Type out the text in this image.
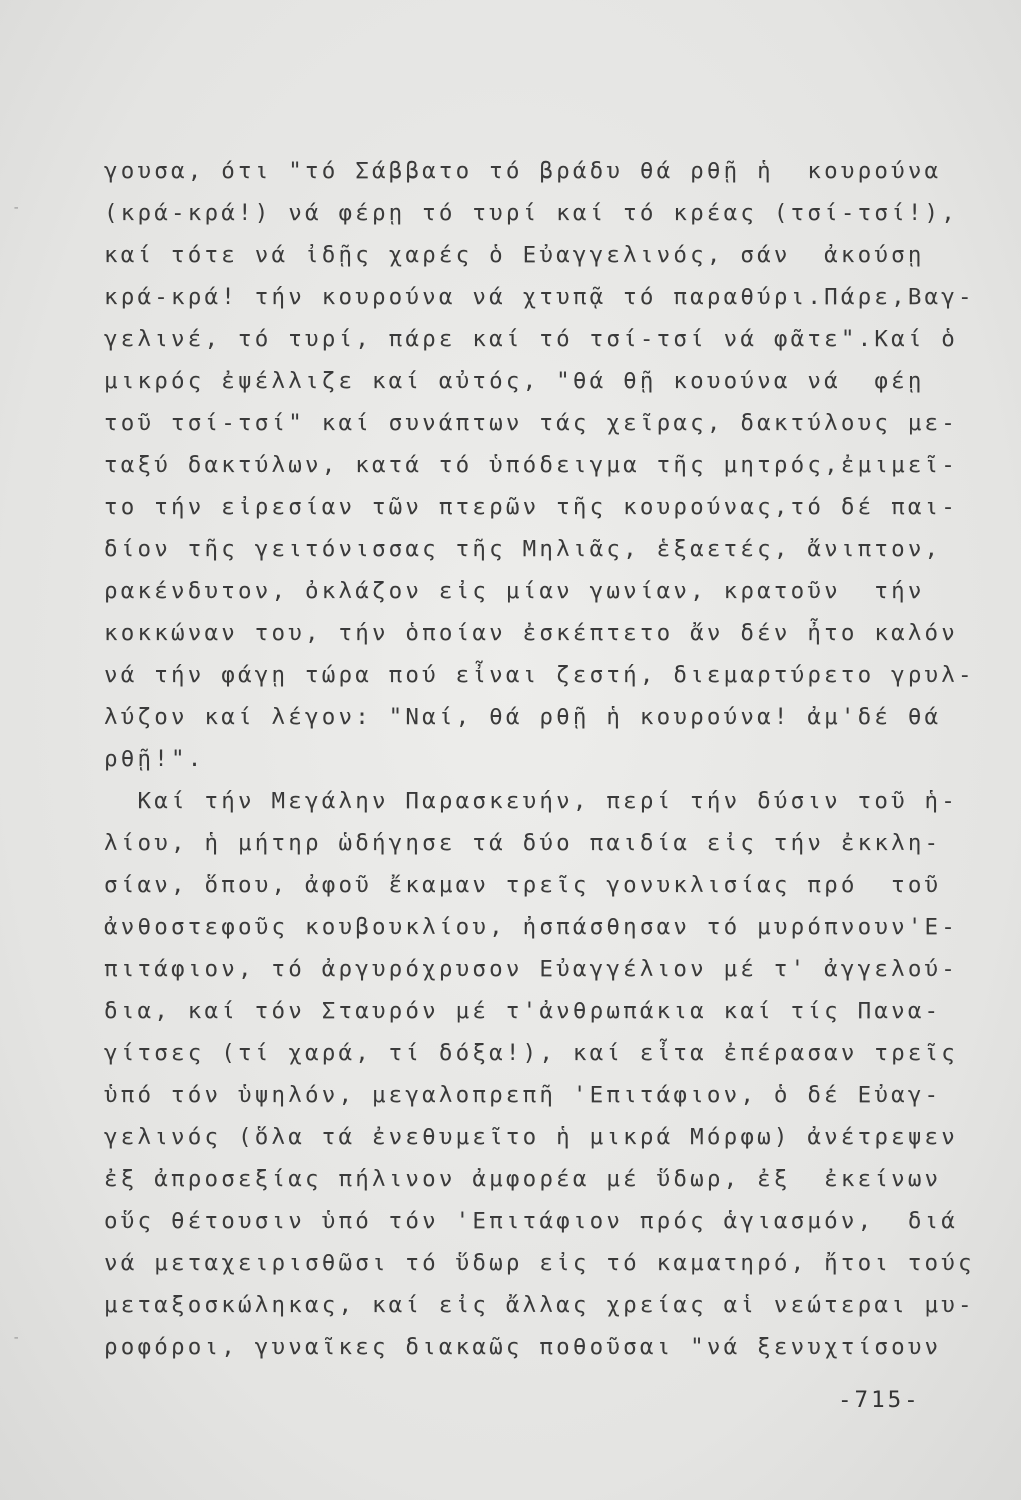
-
-
γουσα, ότι "τό Σάββατο τό βράδυ θά ρθῇ ἡ  κουρούνα
(κρά-κρά!) νά φέρῃ τό τυρί καί τό κρέας (τσί-τσί!),
καί τότε νά ἰδῇς χαρές ὁ Εὐαγγελινός, σάν  ἀκούσῃ
κρά-κρά! τήν κουρούνα νά χτυπᾷ τό παραθύρι.Πάρε,Βαγ-
γελινέ, τό τυρί, πάρε καί τό τσί-τσί νά φᾶτε".Καί ὁ
μικρός ἐψέλλιζε καί αὐτός, "θά θῇ κουούνα νά  φέῃ
τοῦ τσί-τσί" καί συνάπτων τάς χεῖρας, δακτύλους με-
ταξύ δακτύλων, κατά τό ὑπόδειγμα τῆς μητρός,ἐμιμεῖ-
το τήν εἰρεσίαν τῶν πτερῶν τῆς κουρούνας,τό δέ παι-
δίον τῆς γειτόνισσας τῆς Μηλιᾶς, ἑξαετές, ἄνιπτον,
ρακένδυτον, ὀκλάζον εἰς μίαν γωνίαν, κρατοῦν  τήν
κοκκώναν του, τήν ὁποίαν ἐσκέπτετο ἄν δέν ἦτο καλόν
νά τήν φάγῃ τώρα πού εἶναι ζεστή, διεμαρτύρετο γρυλ-
λύζον καί λέγον: "Ναί, θά ρθῇ ἡ κουρούνα! ἀμ'δέ θά
ρθῇ!".
Καί τήν Μεγάλην Παρασκευήν, περί τήν δύσιν τοῦ ἡ-
λίου, ἡ μήτηρ ὡδήγησε τά δύο παιδία εἰς τήν ἐκκλη-
σίαν, ὅπου, ἀφοῦ ἔκαμαν τρεῖς γονυκλισίας πρό  τοῦ
ἀνθοστεφοῦς κουβουκλίου, ἠσπάσθησαν τό μυρόπνουν'Ε-
πιτάφιον, τό ἀργυρόχρυσον Εὐαγγέλιον μέ τ' ἀγγελού-
δια, καί τόν Σταυρόν μέ τ'ἀνθρωπάκια καί τίς Πανα-
γίτσες (τί χαρά, τί δόξα!), καί εἶτα ἐπέρασαν τρεῖς
ὑπό τόν ὑψηλόν, μεγαλοπρεπῆ 'Επιτάφιον, ὁ δέ Εὐαγ-
γελινός (ὅλα τά ἐνεθυμεῖτο ἡ μικρά Μόρφω) ἀνέτρεψεν
ἐξ ἀπροσεξίας πήλινον ἀμφορέα μέ ὕδωρ, ἐξ  ἐκείνων
οὕς θέτουσιν ὑπό τόν 'Επιτάφιον πρός ἁγιασμόν,  διά
νά μεταχειρισθῶσι τό ὕδωρ εἰς τό καματηρό, ἤτοι τούς
μεταξοσκώληκας, καί εἰς ἄλλας χρείας αἱ νεώτεραι μυ-
ροφόροι, γυναῖκες διακαῶς ποθοῦσαι "νά ξενυχτίσουν
-715-
